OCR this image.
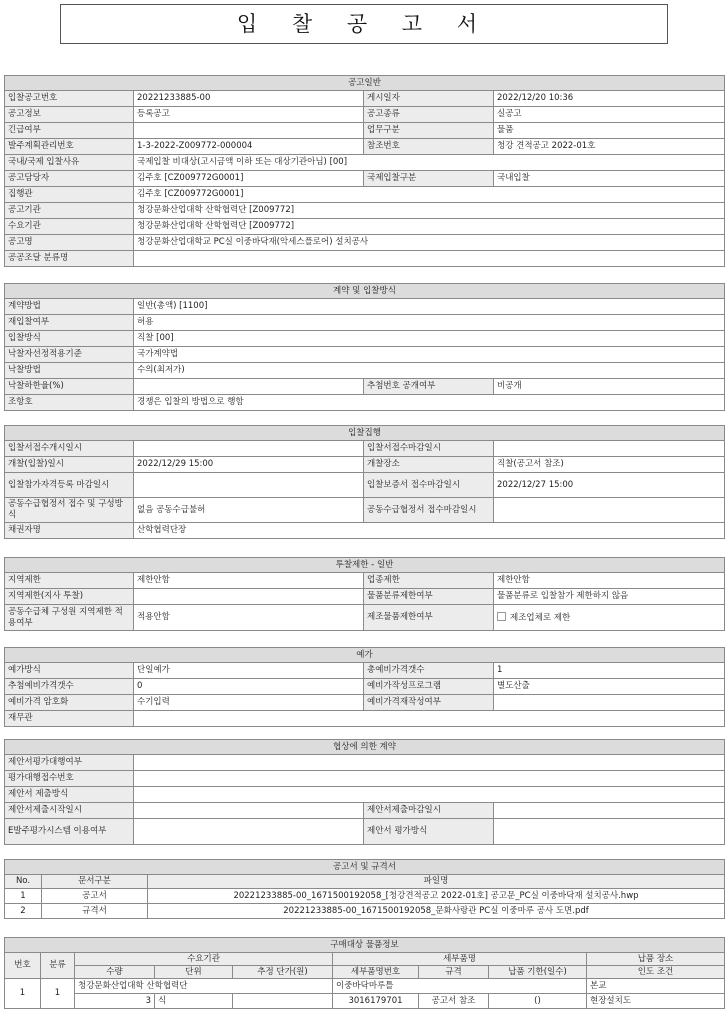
입 찰 공 고 서
공고일반			
입찰공고번호	20221233885-00	게시일자	2022/12/20 10:36
공고정보	등록공고	공고종류	실공고
긴급여부		업무구분	물품
발주계획관리번호	1-3-2022-Z009772-000004	참조번호	청강 견적공고 2022-01호
국내/국제 입찰사유	국제입찰 비대상(고시금액 이하 또는 대상기관아님) [00]		
공고담당자	김주호 [CZ009772G0001]	국제입찰구분	국내입찰
집행관	김주호 [CZ009772G0001]		
공고기관	청강문화산업대학 산학협력단 [Z009772]		
수요기관	청강문화산업대학 산학협력단 [Z009772]		
공고명	청강문화산업대학교 PC실 이중바닥재(악세스플로어) 설치공사		
공공조달 분류명			
계약 및 입찰방식			
계약방법	일반(총액) [1100]		
재입찰여부	허용		
입찰방식	직찰 [00]		
낙찰자선정적용기준	국가계약법		
낙찰방법	수의(최저가)		
낙찰하한율(%)		추첨번호 공개여부	비공개
조항호	경쟁은 입찰의 방법으로 행함		
입찰집행			
입찰서접수개시일시		입찰서접수마감일시	
개찰(입찰)일시	2022/12/29 15:00	개찰장소	직찰(공고서 참조)
입찰참가자격등록 마감일시		입찰보증서 접수마감일시	2022/12/27 15:00
공동수급협정서 접수 및 구성방식	없음 공동수급불허	공동수급협정서 접수마감일시	
채권자명	산학협력단장		
투찰제한 - 일반			
지역제한	제한안함	업종제한	제한안함
지역제한(지사 투찰)		물품분류제한여부	물품분류로 입찰참가 제한하지 않음
공동수급체 구성원 지역제한 적용여부	적용안함	제조물품제한여부	제조업체로 제한
예가			
예가방식	단일예가	총예비가격갯수	1
추첨예비가격갯수	0	예비가작성프로그램	별도산출
예비가격 암호화	수기입력	예비가격재작성여부	
재무관			
협상에 의한 계약			
제안서평가대행여부			
평가대행접수번호			
제안서 제출방식			
제안서제출시작일시		제안서제출마감일시	
E발주평가시스템 이용여부		제안서 평가방식	
공고서 및 규격서		
No.	문서구분	파일명
1	공고서	20221233885-00_1671500192058_[청강견적공고 2022-01호] 공고문_PC실 이중바닥재 설치공사.hwp
2	규격서	20221233885-00_1671500192058_문화사랑관 PC실 이중마루 공사 도면.pdf
구매대상 물품정보								
번호	분류	수요기관			세부품명			납품 장소
		수량	단위	추정 단가(원)	세부품명번호	규격	납품 기한(일수)	인도 조건
1	1	청강문화산업대학 산학협력단			이중바닥마루틀			본교
		3	식		3016179701	공고서 참조	()	현장설치도
